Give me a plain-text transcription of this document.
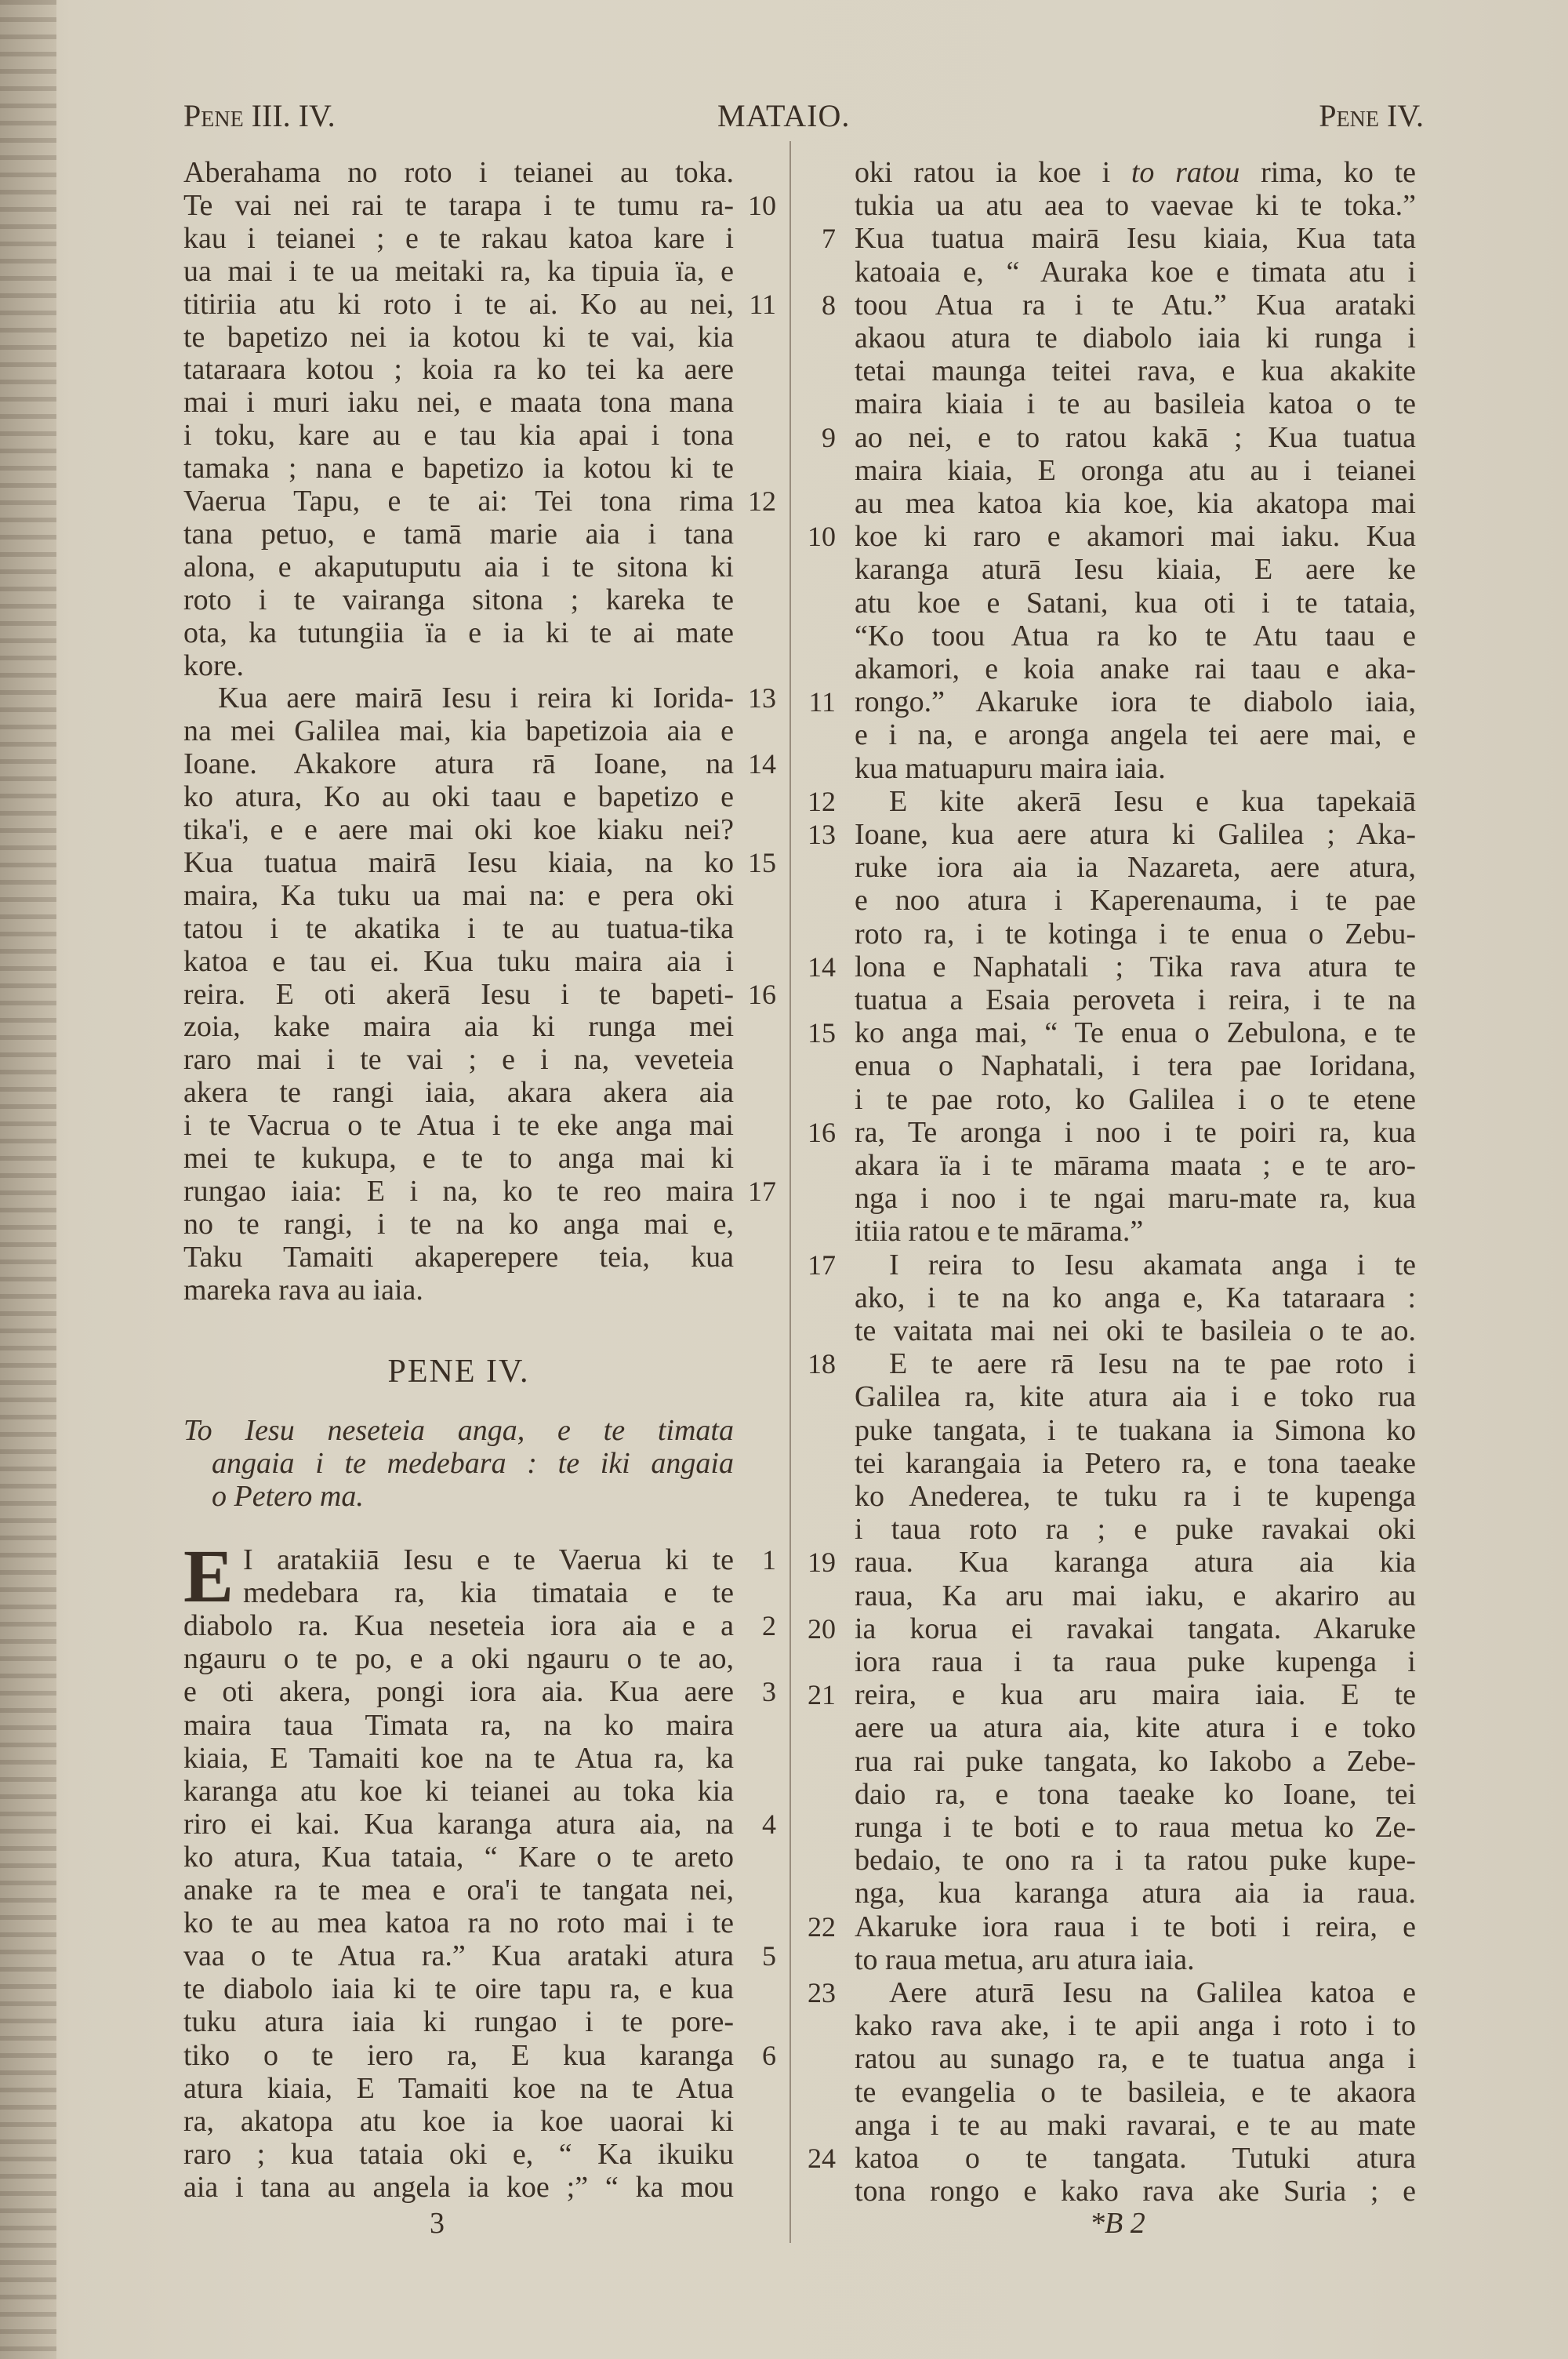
Pene III. IV.	MATAIO.	Pene IV.
Aberahama no roto i teianei au toka.
Te vai nei rai te tarapa i te tumu ra- 10
kau i teianei ; e te rakau katoa kare i
ua mai i te ua meitaki ra, ka tipuia ïa, e
titiriia atu ki roto i te ai. Ko au nei, 11
te bapetizo nei ia kotou ki te vai, kia
tataraara kotou ; koia ra ko tei ka aere
mai i muri iaku nei, e maata tona mana
i toku, kare au e tau kia apai i tona
tamaka ; nana e bapetizo ia kotou ki te
Vaerua Tapu, e te ai: Tei tona rima 12
tana petuo, e tamā marie aia i tana
alona, e akaputuputu aia i te sitona ki
roto i te vairanga sitona ; kareka te
ota, ka tutungiia ïa e ia ki te ai mate
kore.
Kua aere mairā Iesu i reira ki Iorida- 13
na mei Galilea mai, kia bapetizoia aia e
Ioane. Akakore atura rā Ioane, na 14
ko atura, Ko au oki taau e bapetizo e
tika'i, e e aere mai oki koe kiaku nei?
Kua tuatua mairā Iesu kiaia, na ko 15
maira, Ka tuku ua mai na: e pera oki
tatou i te akatika i te au tuatua-tika
katoa e tau ei. Kua tuku maira aia i
reira. E oti akerā Iesu i te bapeti- 16
zoia, kake maira aia ki runga mei
raro mai i te vai ; e i na, veveteia
akera te rangi iaia, akara akera aia
i te Vacrua o te Atua i te eke anga mai
mei te kukupa, e te to anga mai ki
rungao iaia: E i na, ko te reo maira 17
no te rangi, i te na ko anga mai e,
Taku Tamaiti akaperepere teia, kua
mareka rava au iaia.
PENE IV.
To Iesu neseteia anga, e te timata
angaia i te medebara : te iki angaia
o Petero ma.
E I aratakiiā Iesu e te Vaerua ki te	1
medebara ra, kia timataia e te
diabolo ra. Kua neseteia iora aia e a	2
ngauru o te po, e a oki ngauru o te ao,
e oti akera, pongi iora aia. Kua aere	3
maira taua Timata ra, na ko maira
kiaia, E Tamaiti koe na te Atua ra, ka
karanga atu koe ki teianei au toka kia
riro ei kai. Kua karanga atura aia, na	4
ko atura, Kua tataia, “ Kare o te areto
anake ra te mea e ora'i te tangata nei,
ko te au mea katoa ra no roto mai i te
vaa o te Atua ra.” Kua arataki atura	5
te diabolo iaia ki te oire tapu ra, e kua
tuku atura iaia ki rungao i te pore-
tiko o te iero ra, E kua karanga	6
atura kiaia, E Tamaiti koe na te Atua
ra, akatopa atu koe ia koe uaorai ki
raro ; kua tataia oki e, “ Ka ikuiku
aia i tana au angela ia koe ;” “ ka mou
oki ratou ia koe i to ratou rima, ko te
tukia ua atu aea to vaevae ki te toka.”
Kua tuatua mairā Iesu kiaia, Kua tata
7
katoaia e, “ Auraka koe e timata atu i
toou Atua ra i te Atu.” Kua arataki
8
akaou atura te diabolo iaia ki runga i
tetai maunga teitei rava, e kua akakite
maira kiaia i te au basileia katoa o te
ao nei, e to ratou kakā ; Kua tuatua
9
maira kiaia, E oronga atu au i teianei
au mea katoa kia koe, kia akatopa mai
koe ki raro e akamori mai iaku. Kua
10
karanga aturā Iesu kiaia, E aere ke
atu koe e Satani, kua oti i te tataia,
“Ko toou Atua ra ko te Atu taau e
akamori, e koia anake rai taau e aka-
rongo.” Akaruke iora te diabolo iaia,
11
e i na, e aronga angela tei aere mai, e
kua matuapuru maira iaia.
E kite akerā Iesu e kua tapekaiā
12
Ioane, kua aere atura ki Galilea ; Aka-
13
ruke iora aia ia Nazareta, aere atura,
e noo atura i Kaperenauma, i te pae
roto ra, i te kotinga i te enua o Zebu-
lona e Naphatali ; Tika rava atura te
14
tuatua a Esaia peroveta i reira, i te na
ko anga mai, “ Te enua o Zebulona, e te
15
enua o Naphatali, i tera pae Ioridana,
i te pae roto, ko Galilea i o te etene
ra, Te aronga i noo i te poiri ra, kua
16
akara ïa i te mārama maata ; e te aro-
nga i noo i te ngai maru-mate ra, kua
itiia ratou e te mārama.”
I reira to Iesu akamata anga i te
17
ako, i te na ko anga e, Ka tataraara :
te vaitata mai nei oki te basileia o te ao.
E te aere rā Iesu na te pae roto i
18
Galilea ra, kite atura aia i e toko rua
puke tangata, i te tuakana ia Simona ko
tei karangaia ia Petero ra, e tona taeake
ko Anederea, te tuku ra i te kupenga
i taua roto ra ; e puke ravakai oki
raua. Kua karanga atura aia kia
19
raua, Ka aru mai iaku, e akariro au
ia korua ei ravakai tangata. Akaruke
20
iora raua i ta raua puke kupenga i
reira, e kua aru maira iaia. E te
21
aere ua atura aia, kite atura i e toko
rua rai puke tangata, ko Iakobo a Zebe-
daio ra, e tona taeake ko Ioane, tei
runga i te boti e to raua metua ko Ze-
bedaio, te ono ra i ta ratou puke kupe-
nga, kua karanga atura aia ia raua.
Akaruke iora raua i te boti i reira, e
22
to raua metua, aru atura iaia.
Aere aturā Iesu na Galilea katoa e
23
kako rava ake, i te apii anga i roto i to
ratou au sunago ra, e te tuatua anga i
te evangelia o te basileia, e te akaora
anga i te au maki ravarai, e te au mate
katoa o te tangata. Tutuki atura
24
tona rongo e kako rava ake Suria ; e
3	*B 2
